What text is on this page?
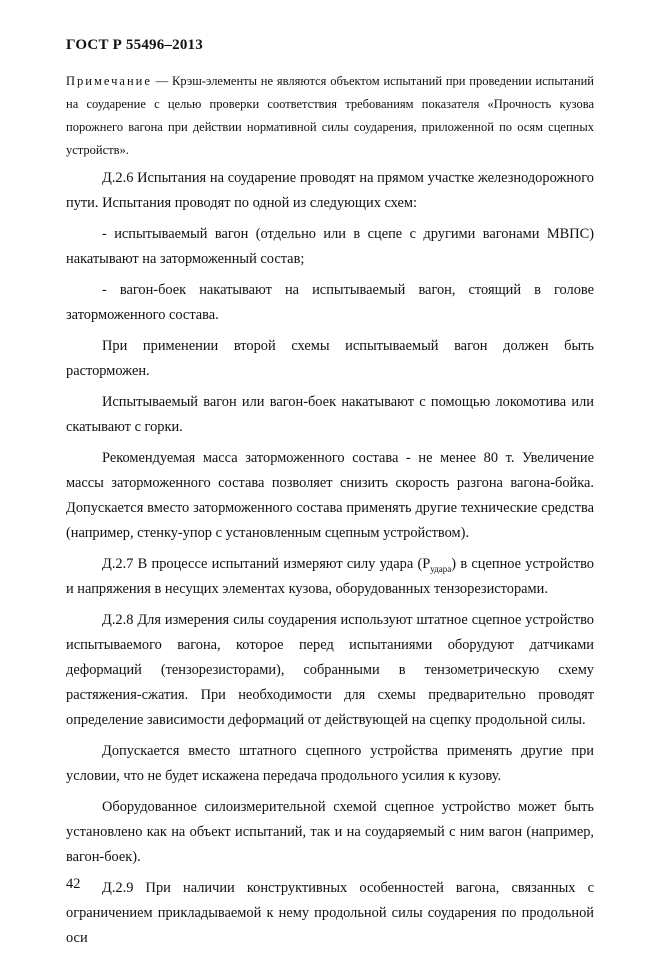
ГОСТ Р 55496–2013
Примечание — Крэш-элементы не являются объектом испытаний при проведении испытаний на соударение с целью проверки соответствия требованиям показателя «Прочность кузова порожнего вагона при действии нормативной силы соударения, приложенной по осям сцепных устройств».

Д.2.6 Испытания на соударение проводят на прямом участке железнодорожного пути. Испытания проводят по одной из следующих схем:

- испытываемый вагон (отдельно или в сцепе с другими вагонами МВПС) накатывают на заторможенный состав;

- вагон-боек накатывают на испытываемый вагон, стоящий в голове заторможенного состава.

При применении второй схемы испытываемый вагон должен быть расторможен.

Испытываемый вагон или вагон-боек накатывают с помощью локомотива или скатывают с горки.

Рекомендуемая масса заторможенного состава - не менее 80 т. Увеличение массы заторможенного состава позволяет снизить скорость разгона вагона-бойка. Допускается вместо заторможенного состава применять другие технические средства (например, стенку-упор с установленным сцепным устройством).

Д.2.7 В процессе испытаний измеряют силу удара $(P_{удара})$ в сцепное устройство и напряжения в несущих элементах кузова, оборудованных тензорезисторами.

Д.2.8 Для измерения силы соударения используют штатное сцепное устройство испытываемого вагона, которое перед испытаниями оборудуют датчиками деформаций (тензорезисторами), собранными в тензометрическую схему растяжения-сжатия. При необходимости для схемы предварительно проводят определение зависимости деформаций от действующей на сцепку продольной силы.

Допускается вместо штатного сцепного устройства применять другие при условии, что не будет искажена передача продольного усилия к кузову.

Оборудованное силоизмерительной схемой сцепное устройство может быть установлено как на объект испытаний, так и на соударяемый с ним вагон (например, вагон-боек).

Д.2.9 При наличии конструктивных особенностей вагона, связанных с ограничением прикладываемой к нему продольной силы соударения по продольной оси

42
